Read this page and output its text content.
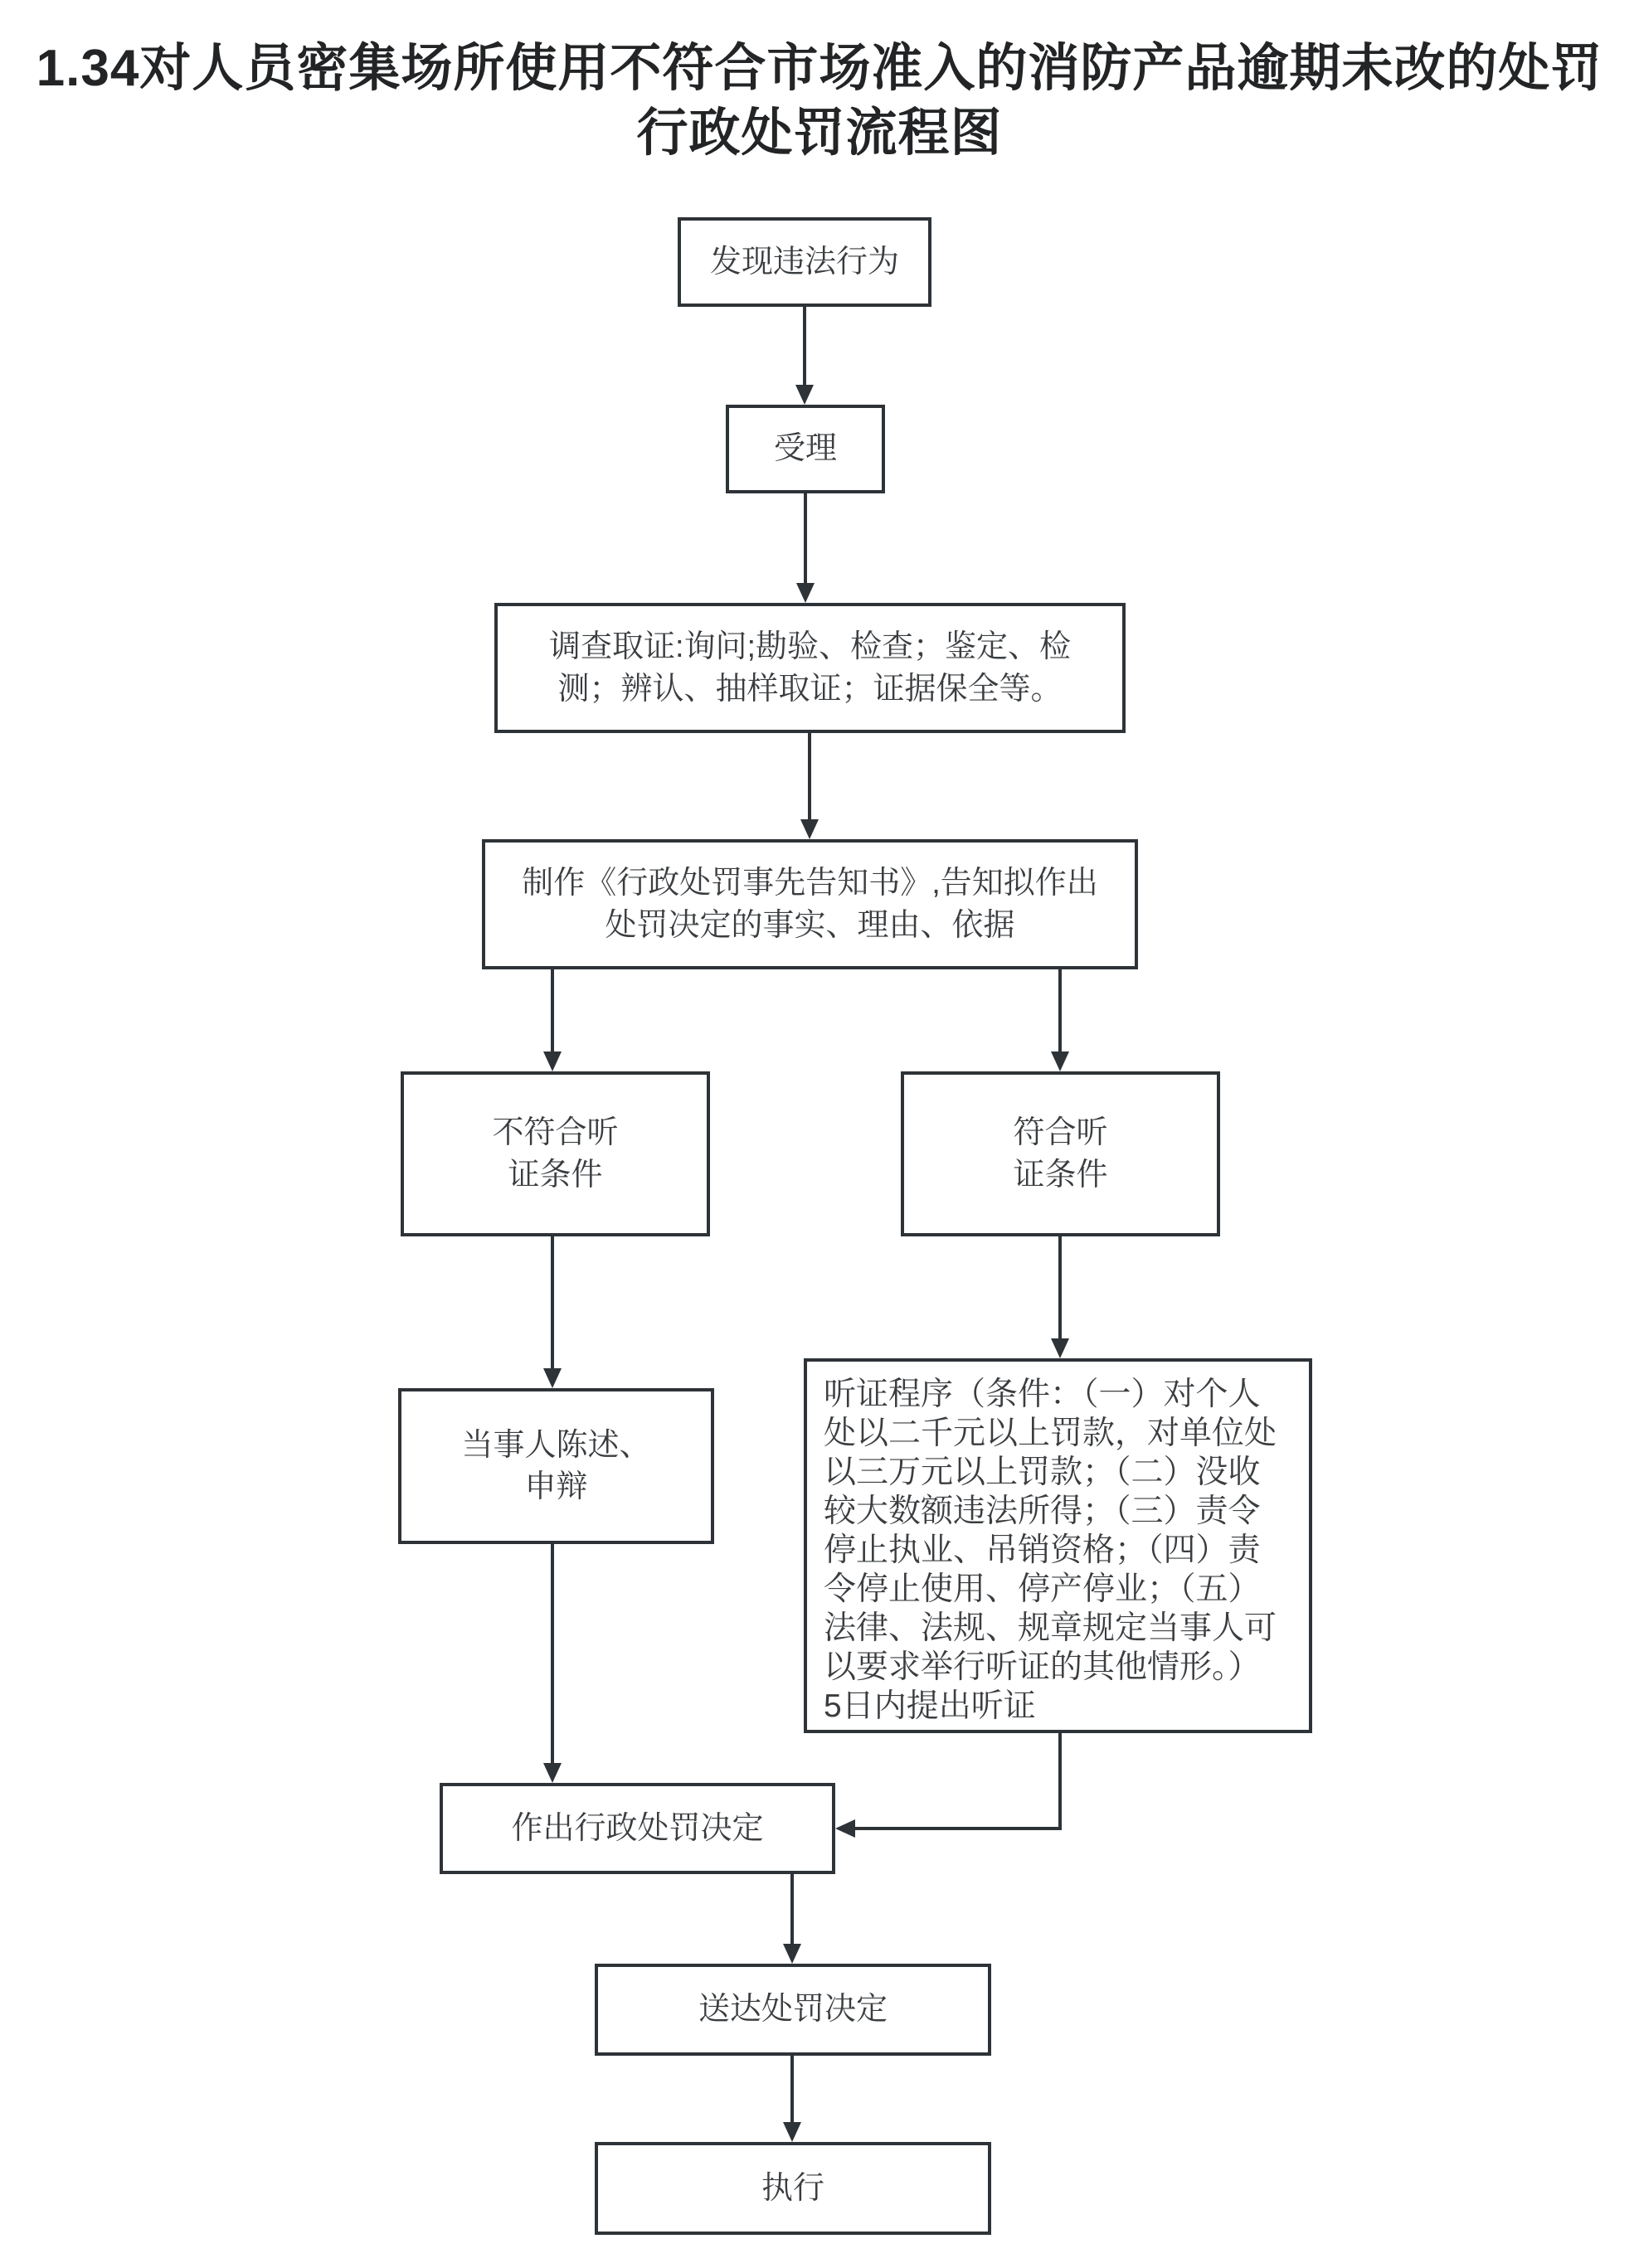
1.34对人员密集场所使用不符合市场准入的消防产品逾期未改的处罚
行政处罚流程图
发现违法行为
受理
调查取证:询问;勘验、检查；鉴定、检
测；辨认、抽样取证；证据保全等。
制作《行政处罚事先告知书》,告知拟作出
处罚决定的事实、理由、依据
不符合听
证条件
符合听
证条件
当事人陈述、
申辩
听证程序（条件：（一）对个人
处以二千元以上罚款，对单位处
以三万元以上罚款；（二）没收
较大数额违法所得；（三）责令
停止执业、吊销资格；（四）责
令停止使用、停产停业；（五）
法律、法规、规章规定当事人可
以要求举行听证的其他情形。）
5日内提出听证
作出行政处罚决定
送达处罚决定
执行
